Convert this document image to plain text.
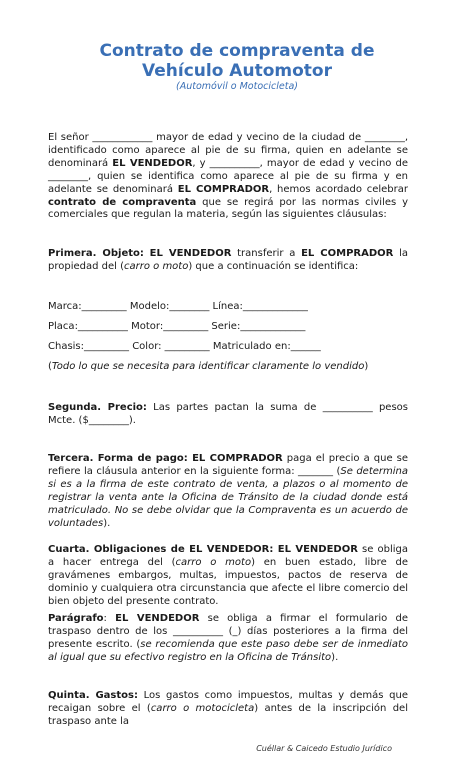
Contrato de compraventa de
Vehículo Automotor
(Automóvil o Motocicleta)

El señor ____________ mayor de edad y vecino de la ciudad de ________, identificado como aparece al pie de su firma, quien en adelante se denominará EL VENDEDOR, y __________, mayor de edad y vecino de ________, quien se identifica como aparece al pie de su firma y en adelante se denominará EL COMPRADOR, hemos acordado celebrar contrato de compraventa que se regirá por las normas civiles y comerciales que regulan la materia, según las siguientes cláusulas:

Primera. Objeto: EL VENDEDOR transferir a EL COMPRADOR la propiedad del (carro o moto) que a continuación se identifica:

Marca:_________ Modelo:________ Línea:_____________
Placa:__________ Motor:_________ Serie:_____________
Chasis:_________ Color: _________ Matriculado en:______
(Todo lo que se necesita para identificar claramente lo vendido)

Segunda. Precio: Las partes pactan la suma de __________ pesos Mcte. ($________).

Tercera. Forma de pago: EL COMPRADOR paga el precio a que se refiere la cláusula anterior en la siguiente forma: _______ (Se determina si es a la firma de este contrato de venta, a plazos o al momento de registrar la venta ante la Oficina de Tránsito de la ciudad donde está matriculado. No se debe olvidar que la Compraventa es un acuerdo de voluntades).

Cuarta. Obligaciones de EL VENDEDOR: EL VENDEDOR se obliga a hacer entrega del (carro o moto) en buen estado, libre de gravámenes embargos, multas, impuestos, pactos de reserva de dominio y cualquiera otra circunstancia que afecte el libre comercio del bien objeto del presente contrato.

Parágrafo: EL VENDEDOR se obliga a firmar el formulario de traspaso dentro de los __________ (_) días posteriores a la firma del presente escrito. (se recomienda que este paso debe ser de inmediato al igual que su efectivo registro en la Oficina de Tránsito).

Quinta. Gastos: Los gastos como impuestos, multas y demás que recaigan sobre el (carro o motocicleta) antes de la inscripción del traspaso ante la

Cuéllar & Caicedo Estudio Jurídico
